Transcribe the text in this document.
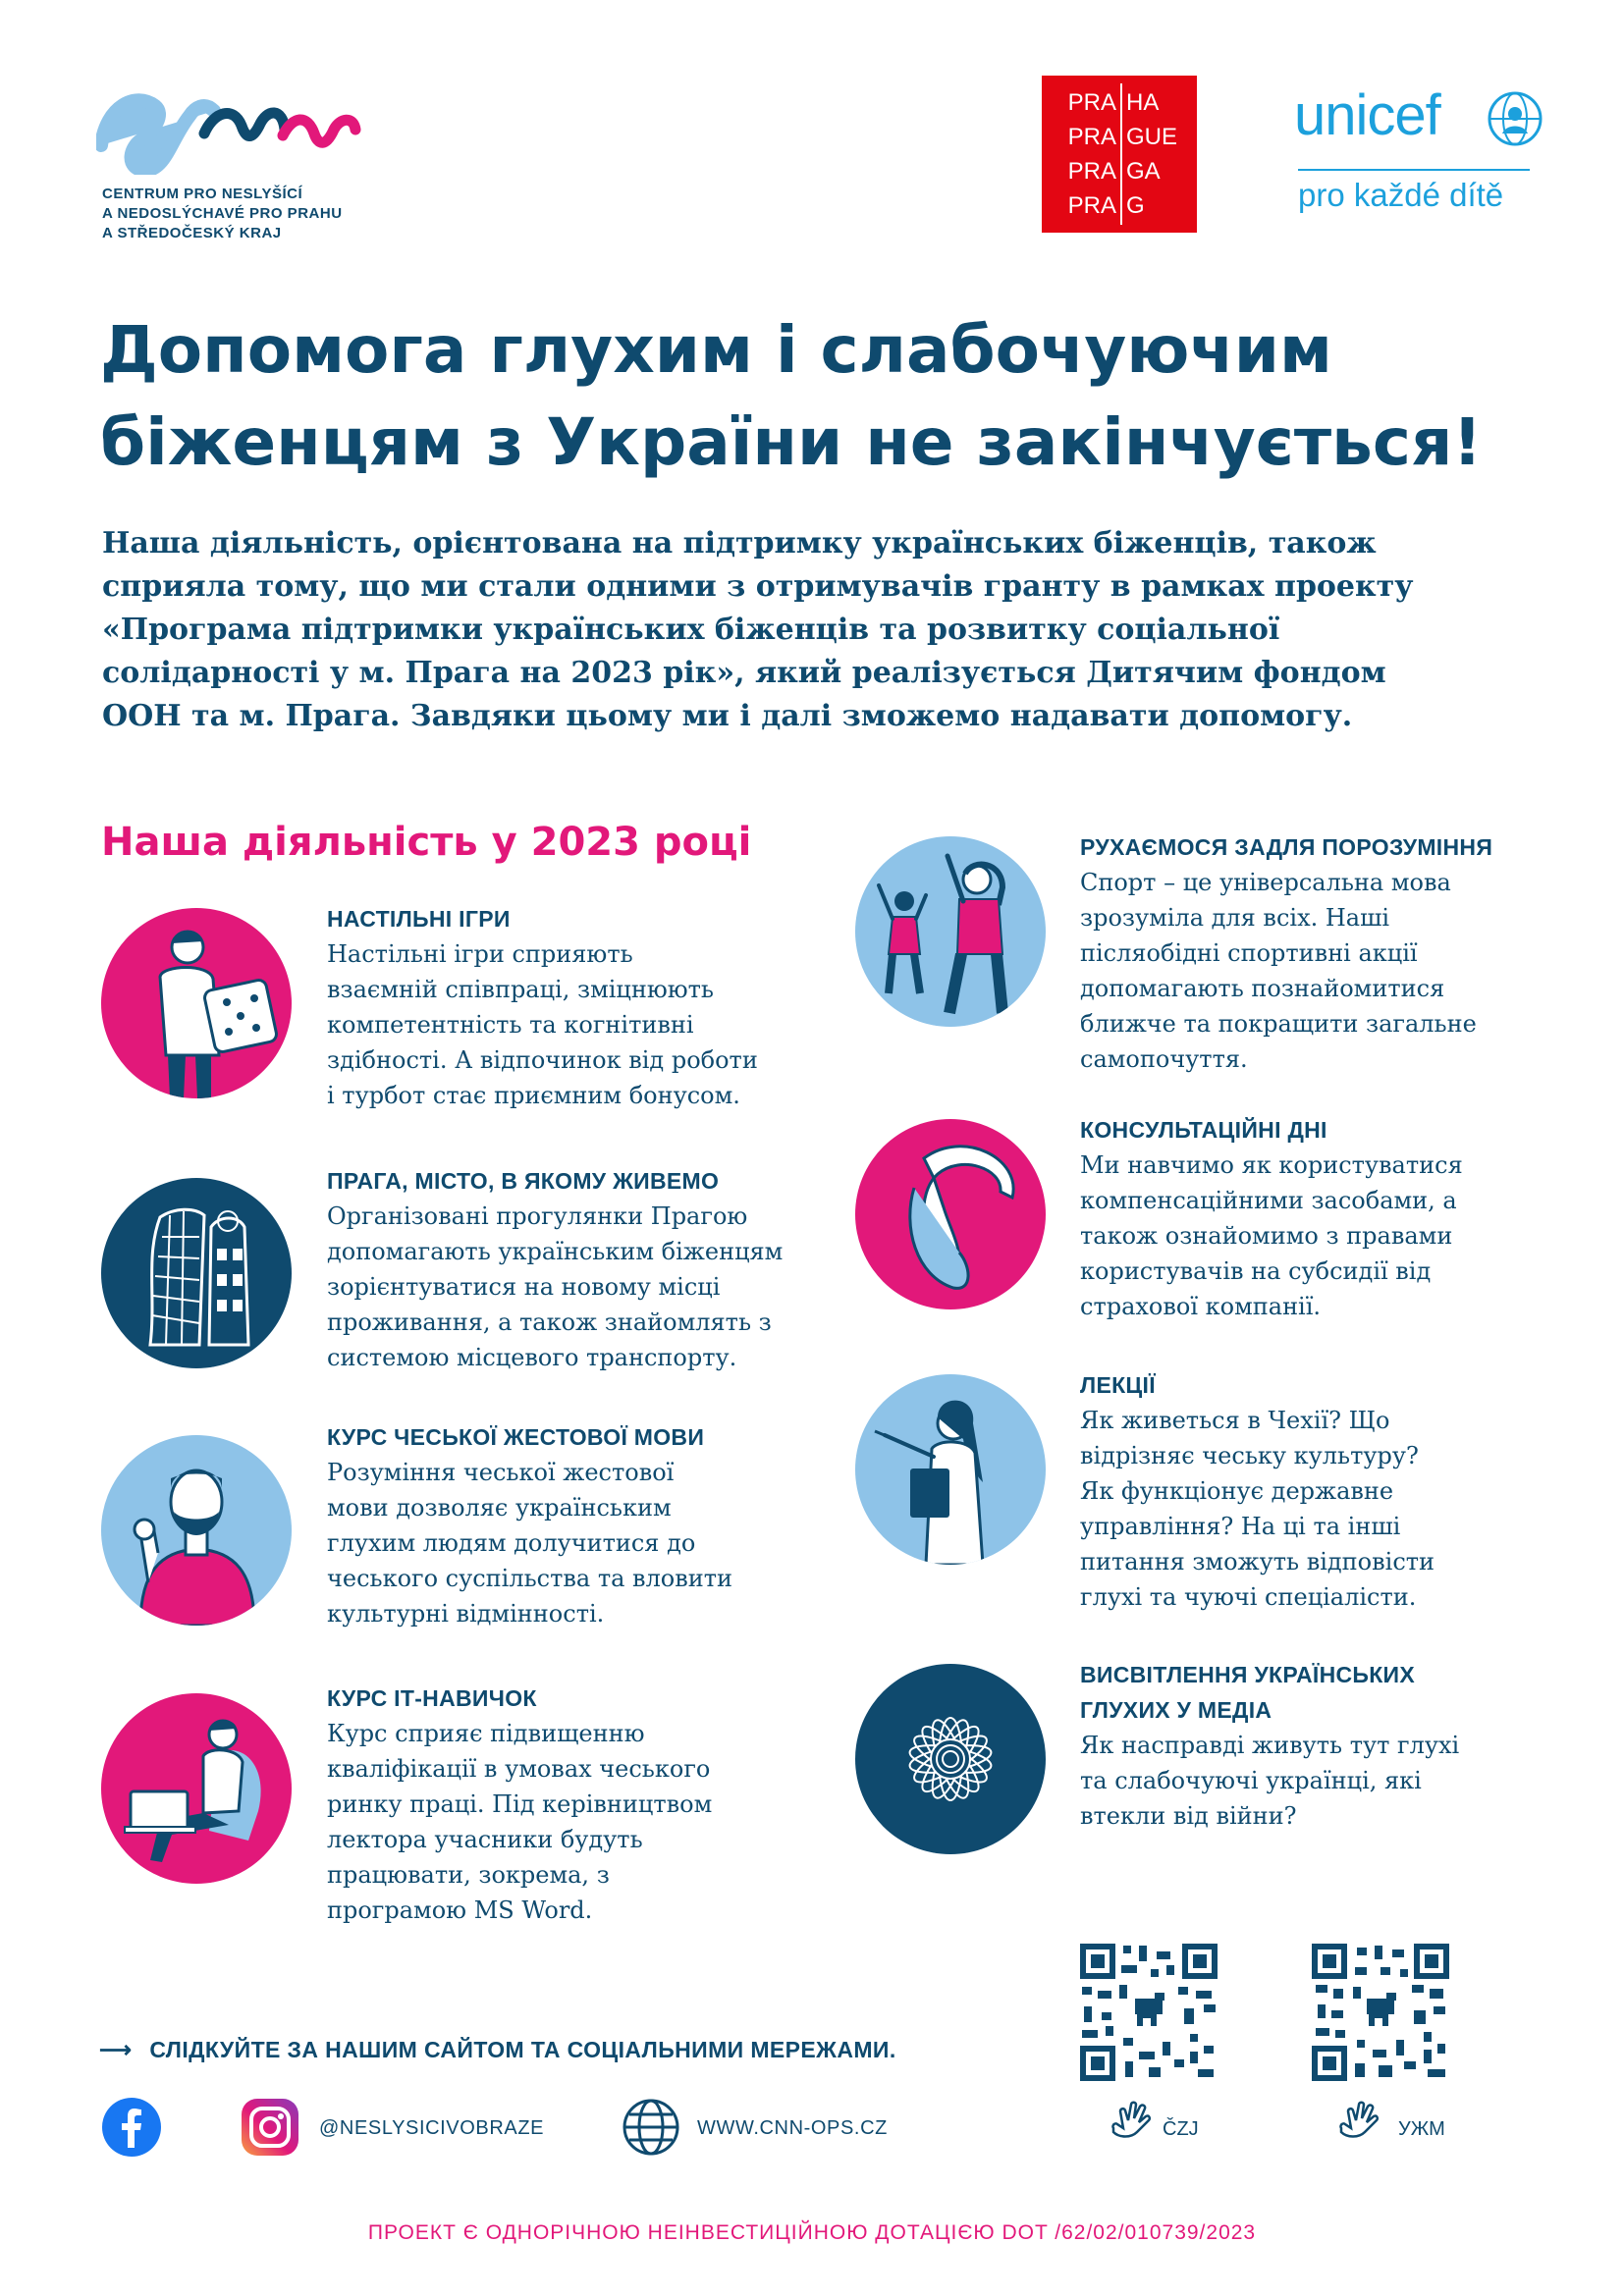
CENTRUM PRO NESLYŠÍCÍ
A NEDOSLÝCHAVÉ PRO PRAHU
A STŘEDOČESKÝ KRAJ
PRA
PRA
PRA
PRA
HA
GUE
GA
G
unicef
pro každé dítě
Допомога глухим і слабочуючим
біженцям з України не закінчується!
Наша діяльність, орієнтована на підтримку українських біженців, також
сприяла тому, що ми стали одними з отримувачів гранту в рамках проекту
«Програма підтримки українських біженців та розвитку соціальної
солідарності у м. Прага на 2023 рік», який реалізується Дитячим фондом
ООН та м. Прага. Завдяки цьому ми і далі зможемо надавати допомогу.
Наша діяльність у 2023 році
НАСТІЛЬНІ ІГРИ
Настільні ігри сприяють
взаємній співпраці, зміцнюють
компетентність та когнітивні
здібності. А відпочинок від роботи
і турбот стає приємним бонусом.
ПРАГА, МІСТО, В ЯКОМУ ЖИВЕМО
Організовані прогулянки Прагою
допомагають українським біженцям
зорієнтуватися на новому місці
проживання, а також знайомлять з
системою місцевого транспорту.
КУРС ЧЕСЬКОЇ ЖЕСТОВОЇ МОВИ
Розуміння чеської жестової
мови дозволяє українським
глухим людям долучитися до
чеського суспільства та вловити
культурні відмінності.
КУРС ІТ-НАВИЧОК
Курс сприяє підвищенню
кваліфікації в умовах чеського
ринку праці. Під керівництвом
лектора учасники будуть
працювати, зокрема, з
програмою MS Word.
РУХАЄМОСЯ ЗАДЛЯ ПОРОЗУМІННЯ
Спорт – це універсальна мова
зрозуміла для всіх. Наші
післяобідні спортивні акції
допомагають познайомитися
ближче та покращити загальне
самопочуття.
КОНСУЛЬТАЦІЙНІ ДНІ
Ми навчимо як користуватися
компенсаційними засобами, а
також ознайомимо з правами
користувачів на субсидії від
страхової компанії.
ЛЕКЦІЇ
Як живеться в Чехії? Що
відрізняє чеську культуру?
Як функціонує державне
управління? На ці та інші
питання зможуть відповісти
глухі та чуючі спеціалісти.
ВИСВІТЛЕННЯ УКРАЇНСЬКИХ
ГЛУХИХ У МЕДІА
Як насправді живуть тут глухі
та слабочуючі українці, які
втекли від війни?
⟶ СЛІДКУЙТЕ ЗА НАШИМ САЙТОМ ТА СОЦІАЛЬНИМИ МЕРЕЖАМИ.
@NESLYSICIVOBRAZE	WWW.CNN-OPS.CZ	ČZJ	УЖМ
ПРОЕКТ Є ОДНОРІЧНОЮ НЕІНВЕСТИЦІЙНОЮ ДОТАЦІЄЮ DOT /62/02/010739/2023
